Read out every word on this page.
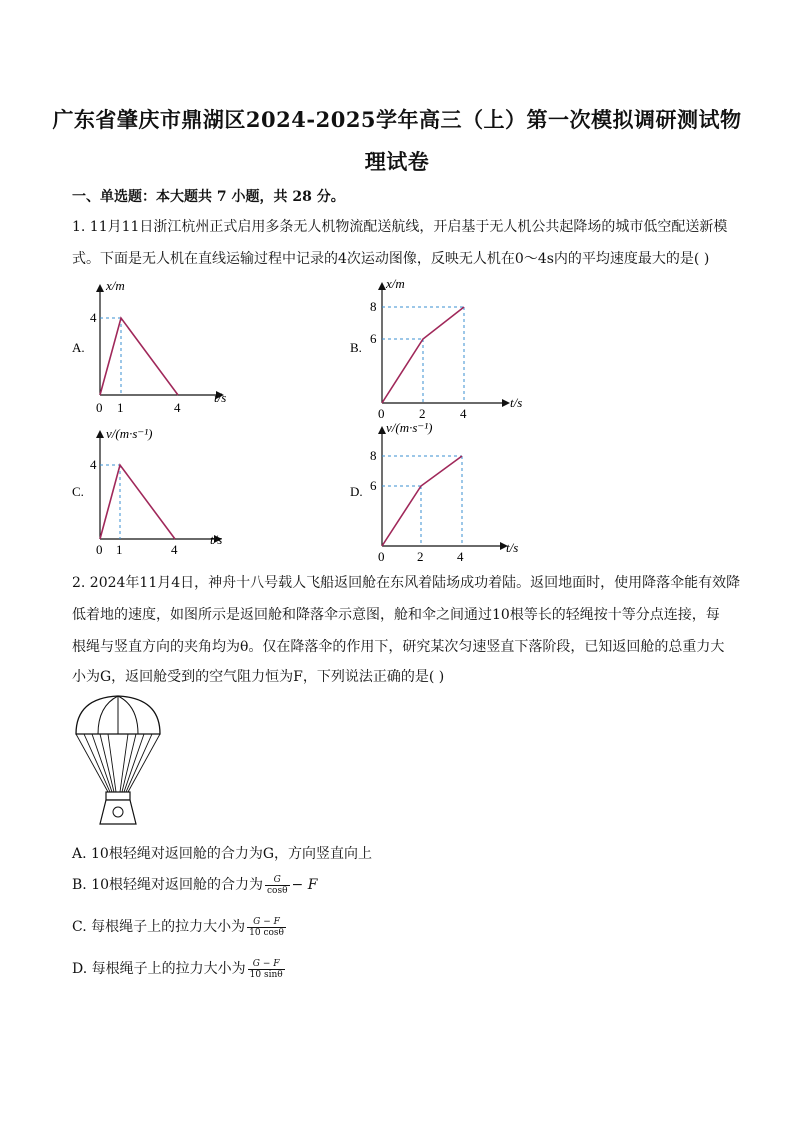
广东省肇庆市鼎湖区2024-2025学年高三（上）第一次模拟调研测试物
理试卷
一、单选题：本大题共 7 小题，共 28 分。
1. 11月11日浙江杭州正式启用多条无人机物流配送航线，开启基于无人机公共起降场的城市低空配送新模
式。下面是无人机在直线运输过程中记录的4次运动图像，反映无人机在0～4s内的平均速度最大的是( )
A.
x/m
t/s
4
0 1	4
B.
x/m
t/s
8
6
0	2	4
C.
v/(m·s⁻¹)
t/s
4
0 1	4
D.
v/(m·s⁻¹)
t/s
8
6
0	2	4
2. 2024年11月4日，神舟十八号载人飞船返回舱在东风着陆场成功着陆。返回地面时，使用降落伞能有效降
低着地的速度，如图所示是返回舱和降落伞示意图，舱和伞之间通过10根等长的轻绳按十等分点连接，每
根绳与竖直方向的夹角均为θ。仅在降落伞的作用下，研究某次匀速竖直下落阶段，已知返回舱的总重力大
小为G，返回舱受到的空气阻力恒为F，下列说法正确的是( )
A. 10根轻绳对返回舱的合力为G，方向竖直向上
B. 10根轻绳对返回舱的合力为 $\frac{G}{\cos\theta} - F$
C. 每根绳子上的拉力大小为 $\frac{G - F}{10 \cos\theta}$
D. 每根绳子上的拉力大小为 $\frac{G - F}{10 \sin\theta}$
